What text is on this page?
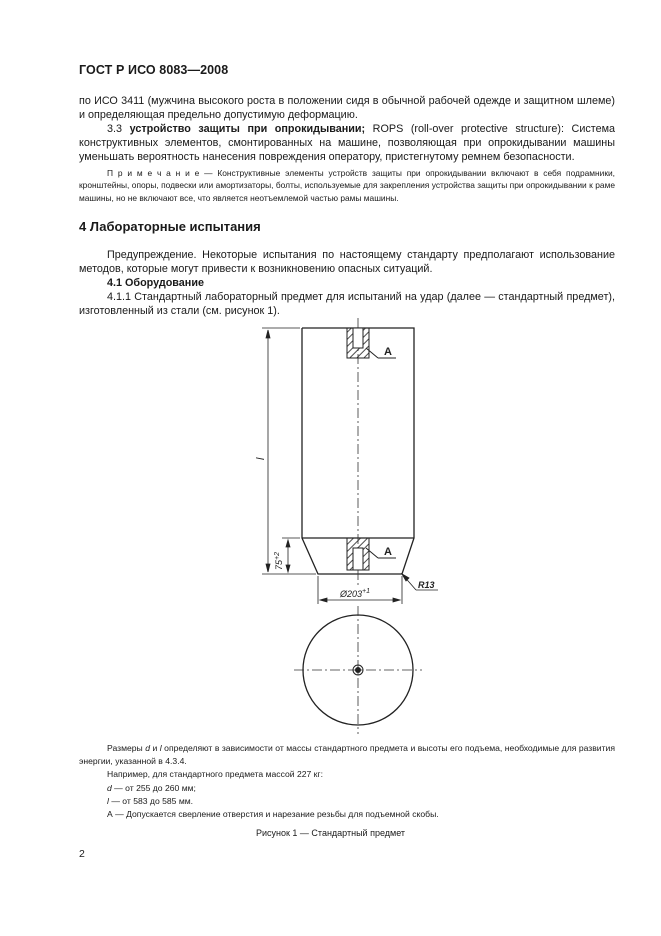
ГОСТ Р ИСО 8083—2008
по ИСО 3411 (мужчина высокого роста в положении сидя в обычной рабочей одежде и защитном шлеме) и определяющая предельно допустимую деформацию.
3.3 устройство защиты при опрокидывании; ROPS (roll-over protective structure): Система конструктивных элементов, смонтированных на машине, позволяющая при опрокидывании машины уменьшать вероятность нанесения повреждения оператору, пристегнутому ремнем безопасности.
П р и м е ч а н и е — Конструктивные элементы устройств защиты при опрокидывании включают в себя подрамники, кронштейны, опоры, подвески или амортизаторы, болты, используемые для закрепления устройства защиты при опрокидывании к раме машины, но не включают все, что является неотъемлемой частью рамы машины.
4 Лабораторные испытания
Предупреждение. Некоторые испытания по настоящему стандарту предполагают использование методов, которые могут привести к возникновению опасных ситуаций.
4.1 Оборудование
4.1.1 Стандартный лабораторный предмет для испытаний на удар (далее — стандартный предмет), изготовленный из стали (см. рисунок 1).
A
A
l
$75^{+2}$
$Ø203^{+1}$
R13
Размеры d и l определяют в зависимости от массы стандартного предмета и высоты его подъема, необходимые для развития энергии, указанной в 4.3.4.
Например, для стандартного предмета массой 227 кг:
d — от 255 до 260 мм;
l — от 583 до 585 мм.
А — Допускается сверление отверстия и нарезание резьбы для подъемной скобы.
Рисунок 1 — Стандартный предмет
2
